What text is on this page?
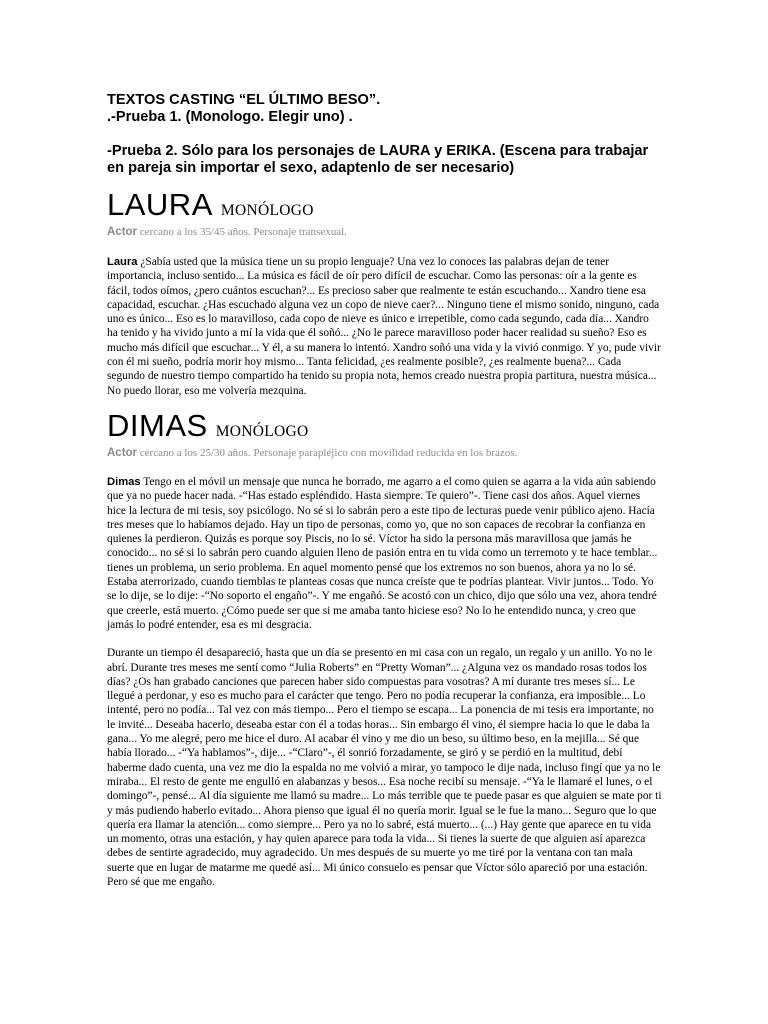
TEXTOS CASTING “EL ÚLTIMO BESO”.

.-Prueba 1. (Monologo. Elegir uno) .

-Prueba 2. Sólo para los personajes de LAURA y ERIKA. (Escena para trabajar en pareja sin importar el sexo, adaptenlo de ser necesario)

LAURA MONÓLOGO
Actor cercano a los 35/45 años. Personaje transexual.

Laura ¿Sabía usted que la música tiene un su propio lenguaje? Una vez lo conoces las palabras dejan de tener importancia, incluso sentido... La música es fácil de oír pero difícil de escuchar. Como las personas: oír a la gente es fácil, todos oímos, ¿pero cuántos escuchan?... Es precioso saber que realmente te están escuchando... Xandro tiene esa capacidad, escuchar. ¿Has escuchado alguna vez un copo de nieve caer?... Ninguno tiene el mismo sonido, ninguno, cada uno es único... Eso es lo maravilloso, cada copo de nieve es único e irrepetible, como cada segundo, cada día... Xandro ha tenido y ha vivido junto a mí la vida que él soñó... ¿No le parece maravilloso poder hacer realidad su sueño? Eso es mucho más difícil que escuchar... Y él, a su manera lo intentó. Xandro soñó una vida y la vivió conmigo. Y yo, pude vivir con él mi sueño, podría morir hoy mismo... Tanta felicidad, ¿es realmente posible?, ¿es realmente buena?... Cada segundo de nuestro tiempo compartido ha tenido su propia nota, hemos creado nuestra propia partitura, nuestra música... No puedo llorar, eso me volvería mezquina.

DIMAS MONÓLOGO
Actor cercano a los 25/30 años. Personaje parapléjico con movilidad reducida en los brazos.

Dimas Tengo en el móvil un mensaje que nunca he borrado, me agarro a el como quien se agarra a la vida aún sabiendo que ya no puede hacer nada. -“Has estado espléndido. Hasta siempre. Te quiero”-. Tiene casi dos años. Aquel viernes hice la lectura de mi tesis, soy psicólogo. No sé si lo sabrán pero a este tipo de lecturas puede venir público ajeno. Hacía tres meses que lo habíamos dejado. Hay un tipo de personas, como yo, que no son capaces de recobrar la confianza en quienes la perdieron. Quizás es porque soy Piscis, no lo sé. Víctor ha sido la persona más maravillosa que jamás he conocido... no sé si lo sabrán pero cuando alguien lleno de pasión entra en tu vida como un terremoto y te hace temblar... tienes un problema, un serio problema. En aquel momento pensé que los extremos no son buenos, ahora ya no lo sé. Estaba aterrorizado, cuando tiemblas te planteas cosas que nunca creíste que te podrías plantear. Vivir juntos... Todo. Yo se lo dije, se lo dije: -“No soporto el engaño”-. Y me engañó. Se acostó con un chico, dijo que sólo una vez, ahora tendré que creerle, está muerto. ¿Cómo puede ser que si me amaba tanto hiciese eso? No lo he entendido nunca, y creo que jamás lo podré entender, esa es mi desgracia.

Durante un tiempo él desapareció, hasta que un día se presento en mi casa con un regalo, un regalo y un anillo. Yo no le abrí. Durante tres meses me sentí como “Julia Roberts” en “Pretty Woman”... ¿Alguna vez os mandado rosas todos los días? ¿Os han grabado canciones que parecen haber sido compuestas para vosotras? A mí durante tres meses sí... Le llegué a perdonar, y eso es mucho para el carácter que tengo. Pero no podía recuperar la confianza, era imposible... Lo intenté, pero no podía... Tal vez con más tiempo... Pero el tiempo se escapa... La ponencia de mi tesis era importante, no le invité... Deseaba hacerlo, deseaba estar con él a todas horas... Sin embargo él vino, él siempre hacia lo que le daba la gana... Yo me alegré, pero me hice el duro. Al acabar él vino y me dio un beso, su último beso, en la mejilla... Sé que había llorado... -“Ya hablamos”-, dije... -“Claro”-, él sonrió forzadamente, se giró y se perdió en la multitud, debí haberme dado cuenta, una vez me dio la espalda no me volvió a mirar, yo tampoco le dije nada, incluso fingí que ya no le miraba... El resto de gente me engulló en alabanzas y besos... Esa noche recibí su mensaje. -“Ya le llamaré el lunes, o el domingo”-, pensé... Al día siguiente me llamó su madre... Lo más terrible que te puede pasar es que alguien se mate por ti y más pudiendo haberlo evitado... Ahora pienso que igual él no quería morir. Igual se le fue la mano... Seguro que lo que quería era llamar la atención... como siempre... Pero ya no lo sabré, está muerto... (...) Hay gente que aparece en tu vida un momento, otras una estación, y hay quien aparece para toda la vida... Si tienes la suerte de que alguien así aparezca debes de sentirte agradecido, muy agradecido. Un mes después de su muerte yo me tiré por la ventana con tan mala suerte que en lugar de matarme me quedé así... Mi único consuelo es pensar que Víctor sólo apareció por una estación. Pero sé que me engaño.
